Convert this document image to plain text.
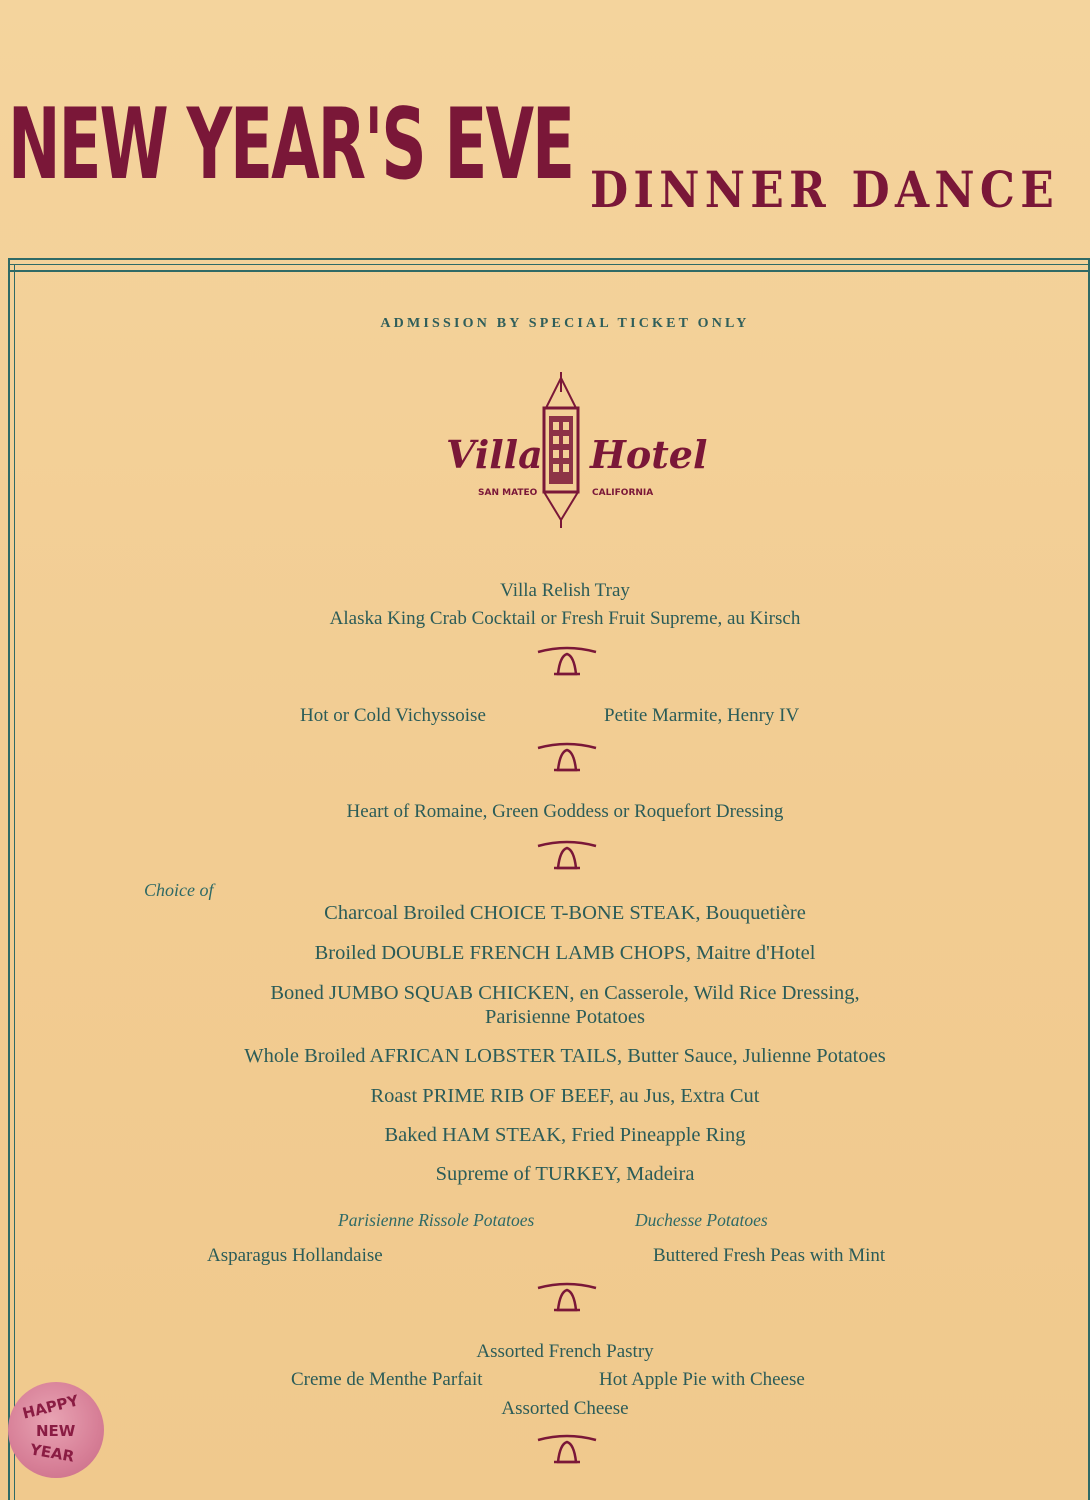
NEW YEAR'S EVE DINNER DANCE
ADMISSION BY SPECIAL TICKET ONLY
Villa Hotel
SAN MATEO	CALIFORNIA
Villa Relish Tray
Alaska King Crab Cocktail or Fresh Fruit Supreme, au Kirsch
Hot or Cold Vichyssoise	Petite Marmite, Henry IV
Heart of Romaine, Green Goddess or Roquefort Dressing
Choice of
Charcoal Broiled CHOICE T-BONE STEAK, Bouquetière
Broiled DOUBLE FRENCH LAMB CHOPS, Maitre d'Hotel
Boned JUMBO SQUAB CHICKEN, en Casserole, Wild Rice Dressing,
Parisienne Potatoes
Whole Broiled AFRICAN LOBSTER TAILS, Butter Sauce, Julienne Potatoes
Roast PRIME RIB OF BEEF, au Jus, Extra Cut
Baked HAM STEAK, Fried Pineapple Ring
Supreme of TURKEY, Madeira
Parisienne Rissole Potatoes	Duchesse Potatoes
Asparagus Hollandaise	Buttered Fresh Peas with Mint
Assorted French Pastry
Creme de Menthe Parfait	Hot Apple Pie with Cheese
Assorted Cheese
HAPPY
NEW
YEAR
